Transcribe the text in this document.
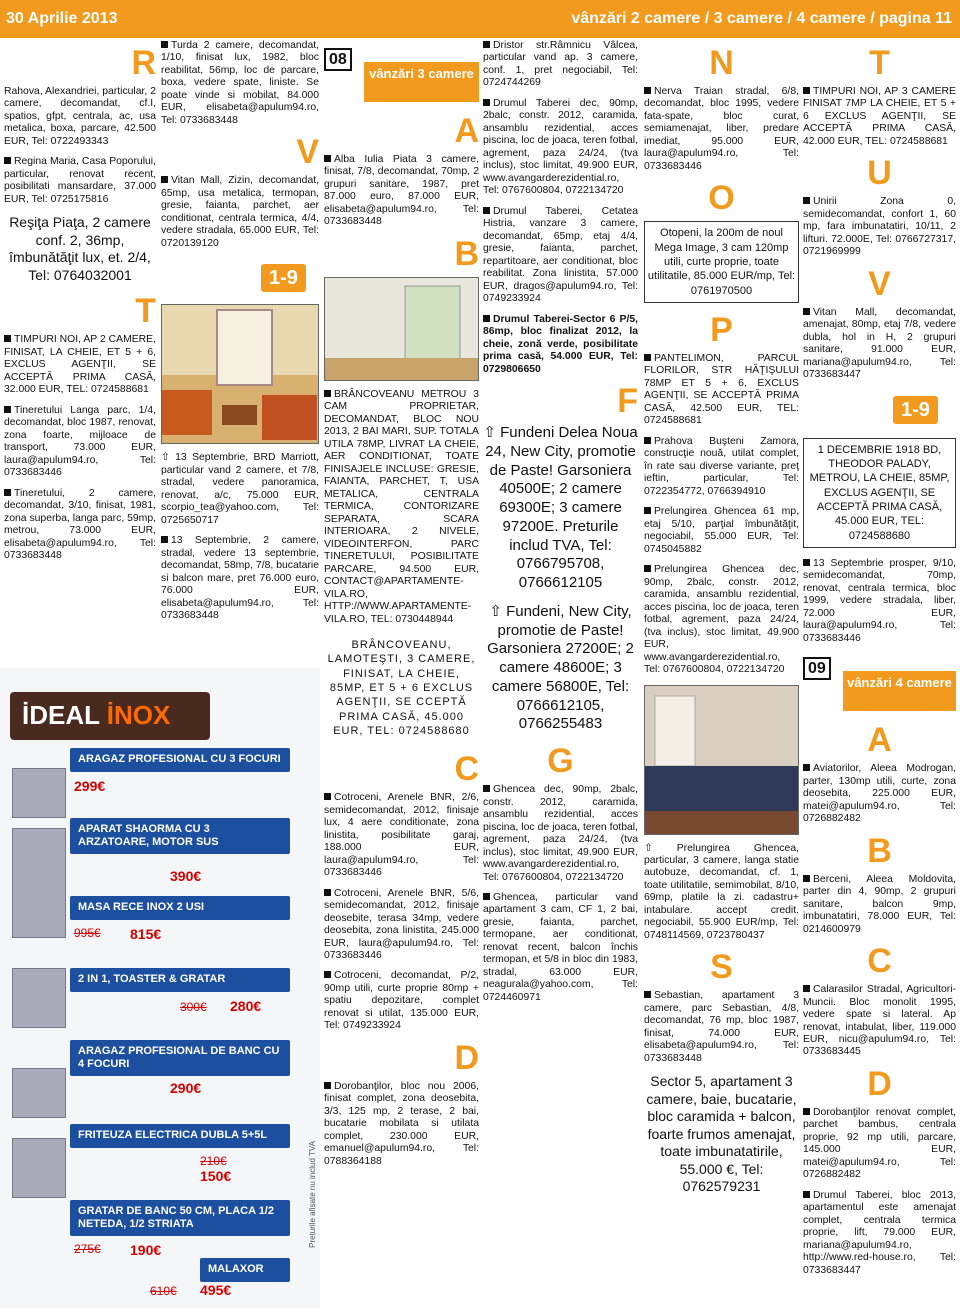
30 Aprilie 2013	vânzări 2 camere / 3 camere / 4 camere / pagina 11
R
Rahova, Alexandriei, particular, 2 camere, decomandat, cf.I, spatios, gfpt, centrala, ac, usa metalica, boxa, parcare, 42.500 EUR, Tel: 0722493343
Regina Maria, Casa Poporului, particular, renovat recent, posibilitati mansardare, 37.000 EUR, Tel: 0725175816
Reşiţa Piaţa, 2 camere conf. 2, 36mp, îmbunătăţit lux, et. 2/4, Tel: 0764032001
T
TIMPURI NOI, AP 2 CAMERE, FINISAT, LA CHEIE, ET 5 + 6, EXCLUS AGENŢII, SE ACCEPTĂ PRIMA CASĂ, 32.000 EUR, TEL: 0724588681
Tineretului Langa parc, 1/4, decomandat, bloc 1987, renovat, zona foarte, mijloace de transport, 73.000 EUR, laura@apulum94.ro, Tel: 0733683446
Tineretului, 2 camere, decomandat, 3/10, finisat, 1981, zona superba, langa parc, 59mp, metrou, 73.000 EUR, elisabeta@apulum94.ro, Tel: 0733683448
Turda 2 camere, decomandat, 1/10, finisat lux, 1982, bloc reabilitat, 56mp, loc de parcare, boxa, vedere spate, liniste. Se poate vinde si mobilat, 84.000 EUR, elisabeta@apulum94.ro, Tel: 0733683448
V
Vitan Mall, Zizin, decomandat, 65mp, usa metalica, termopan, gresie, faianta, parchet, aer conditionat, centrala termica, 4/4, vedere stradala, 65.000 EUR, Tel: 0720139120
1-9
⇧ 13 Septembrie, BRD Marriott, particular vand 2 camere, et 7/8, stradal, vedere panoramica, renovat, a/c, 75.000 EUR, scorpio_tea@yahoo.com, Tel: 0725650717
13 Septembrie, 2 camere, stradal, vedere 13 septembrie, decomandat, 58mp, 7/8, bucatarie si balcon mare, pret 76.000 euro, 76.000 EUR, elisabeta@apulum94.ro, Tel: 0733683448
İDEAL İNOX
ARAGAZ PROFESIONAL CU 3 FOCURI
299€
APARAT SHAORMA CU 3 ARZATOARE, MOTOR SUS
390€
MASA RECE INOX 2 USI
995€ 815€
2 IN 1, TOASTER & GRATAR
300€ 280€
ARAGAZ PROFESIONAL DE BANC CU 4 FOCURI
290€
FRITEUZA ELECTRICA DUBLA 5+5L
210€
150€
GRATAR DE BANC 50 CM, PLACA 1/2 NETEDA, 1/2 STRIATA
275€ 190€
MALAXOR
610€ 495€
Preturile afisate nu includ TVA
08
vânzări 3 camere
A
Alba Iulia Piata 3 camere, finisat, 7/8, decomandat, 70mp, 2 grupuri sanitare, 1987, pret 87.000 euro, 87.000 EUR, elisabeta@apulum94.ro, Tel: 0733683448
B
BRÂNCOVEANU METROU 3 CAM PROPRIETAR, DECOMANDAT, BLOC NOU 2013, 2 BAI MARI, SUP. TOTALA UTILA 78MP, LIVRAT LA CHEIE, AER CONDITIONAT, TOATE FINISAJELE INCLUSE: GRESIE, FAIANTA, PARCHET, T, USA METALICA, CENTRALA TERMICA, CONTORIZARE SEPARATA, SCARA INTERIOARA, 2 NIVELE, VIDEOINTERFON, PARC TINERETULUI, POSIBILITATE PARCARE, 94.500 EUR, CONTACT@APARTAMENTE-VILA.RO, HTTP://WWW.APARTAMENTE-VILA.RO, TEL: 0730448944
BRÂNCOVEANU, LAMOTEŞTI, 3 CAMERE, FINISAT, LA CHEIE, 85MP, ET 5 + 6 EXCLUS AGENŢII, SE CCEPTĂ PRIMA CASĂ, 45.000 EUR, TEL: 0724588680
C
Cotroceni, Arenele BNR, 2/6, semidecomandat, 2012, finisaje lux, 4 aere conditionate, zona linistita, posibilitate garaj, 188.000 EUR, laura@apulum94.ro, Tel: 0733683446
Cotroceni, Arenele BNR, 5/6, semidecomandat, 2012, finisaje deosebite, terasa 34mp, vedere deosebita, zona linistita, 245.000 EUR, laura@apulum94.ro, Tel: 0733683446
Cotroceni, decomandat, P/2, 90mp utili, curte proprie 80mp + spatiu depozitare, complet renovat si utilat, 135.000 EUR, Tel: 0749233924
D
Dorobanţilor, bloc nou 2006, finisat complet, zona deosebita, 3/3, 125 mp, 2 terase, 2 bai, bucatarie mobilata si utilata complet, 230.000 EUR, emanuel@apulum94.ro, Tel: 0788364188
Dristor str.Râmnicu Vâlcea, particular vand ap. 3 camere, conf. 1, pret negociabil, Tel: 0724744269
Drumul Taberei dec, 90mp, 2balc, constr. 2012, caramida, ansamblu rezidential, acces piscina, loc de joaca, teren fotbal, agrement, paza 24/24, (tva inclus), stoc limitat, 49.900 EUR, www.avangarderezidential.ro, Tel: 0767600804, 0722134720
Drumul Taberei, Cetatea Histria, vanzare 3 camere, decomandat, 65mp, etaj 4/4, gresie, faianta, parchet, repartitoare, aer conditionat, bloc reabilitat. Zona linistita, 57.000 EUR, dragos@apulum94.ro, Tel: 0749233924
Drumul Taberei-Sector 6 P/5, 86mp, bloc finalizat 2012, la cheie, zonă verde, posibilitate prima casă, 54.000 EUR, Tel: 0729806650
F
⇧ Fundeni Delea Noua 24, New City, promotie de Paste! Garsoniera 40500E; 2 camere 69300E; 3 camere 97200E. Preturile includ TVA, Tel: 0766795708, 0766612105
⇧ Fundeni, New City, promotie de Paste! Garsoniera 27200E; 2 camere 48600E; 3 camere 56800E, Tel: 0766612105, 0766255483
G
Ghencea dec, 90mp, 2balc, constr. 2012, caramida, ansamblu rezidential, acces piscina, loc de joaca, teren fotbal, agrement, paza 24/24, (tva inclus), stoc limitat, 49.900 EUR, www.avangarderezidential.ro, Tel: 0767600804, 0722134720
Ghencea, particular vand apartament 3 cam, CF 1, 2 bai, gresie, faianta, parchet, termopane, aer conditionat, renovat recent, balcon închis termopan, et 5/8 in bloc din 1983, stradal, 63.000 EUR, neagurala@yahoo.com, Tel: 0724460971
N
Nerva Traian stradal, 6/8, decomandat, bloc 1995, vedere fata-spate, bloc curat, semiamenajat, liber, predare imediat, 95.000 EUR, laura@apulum94.ro, Tel: 0733683446
O
Otopeni, la 200m de noul Mega Image, 3 cam 120mp utili, curte proprie, toate utilitatile, 85.000 EUR/mp, Tel: 0761970500
P
PANTELIMON, PARCUL FLORILOR, STR HĂŢIŞULUI 78MP ET 5 + 6, EXCLUS AGENŢII, SE ACCEPTĂ PRIMA CASĂ, 42.500 EUR, TEL: 0724588681
Prahova Buşteni Zamora, construcţie nouă, utilat complet, în rate sau diverse variante, preţ ieftin, particular, Tel: 0722354772, 0766394910
Prelungirea Ghencea 61 mp, etaj 5/10, parţial îmbunătăţit, negociabil, 55.000 EUR, Tel: 0745045882
Prelungirea Ghencea dec, 90mp, 2balc, constr. 2012, caramida, ansamblu rezidential, acces piscina, loc de joaca, teren fotbal, agrement, paza 24/24, (tva inclus), stoc limitat, 49.900 EUR, www.avangarderezidential.ro, Tel: 0767600804, 0722134720
⇧ Prelungirea Ghencea, particular, 3 camere, langa statie autobuze, decomandat, cf. 1, toate utilitatile, semimobilat, 8/10, 69mp, platile la zi. cadastru+ intabulare. accept credit. negociabil, 55.900 EUR/mp, Tel: 0748114569, 0723780437
S
Sebastian, apartament 3 camere, parc Sebastian, 4/8, decomandat, 76 mp, bloc 1987, finisat, 74.000 EUR, elisabeta@apulum94.ro, Tel: 0733683448
Sector 5, apartament 3 camere, baie, bucatarie, bloc caramida + balcon, foarte frumos amenajat, toate imbunatatirile, 55.000 €, Tel: 0762579231
T
TIMPURI NOI, AP 3 CAMERE FINISAT 7MP LA CHEIE, ET 5 + 6 EXCLUS AGENŢII, SE ACCEPTĂ PRIMA CASĂ, 42.000 EUR, TEL: 0724588681
U
Unirii Zona 0, semidecomandat, confort 1, 60 mp, fara imbunatatiri, 10/11, 2 lifturi. 72.000E, Tel: 0766727317, 0721969999
V
Vitan Mall, decomandat, amenajat, 80mp, etaj 7/8, vedere dubla, hol in H, 2 grupuri sanitare, 91.000 EUR, mariana@apulum94.ro, Tel: 0733683447
1-9
1 DECEMBRIE 1918 BD, THEODOR PALADY, METROU, LA CHEIE, 85MP, EXCLUS AGENŢII, SE ACCEPTĂ PRIMA CASĂ, 45.000 EUR, TEL: 0724588680
13 Septembrie prosper, 9/10, semidecomandat, 70mp, renovat, centrala termica, bloc 1999, vedere stradala, liber, 72.000 EUR, laura@apulum94.ro, Tel: 0733683446
09
vânzări 4 camere
A
Aviatorilor, Aleea Modrogan, parter, 130mp utili, curte, zona deosebita, 225.000 EUR, matei@apulum94.ro, Tel: 0726882482
B
Berceni, Aleea Moldovita, parter din 4, 90mp, 2 grupuri sanitare, balcon 9mp, imbunatatiri, 78.000 EUR, Tel: 0214600979
C
Calarasilor Stradal, Agricultori-Muncii. Bloc monolit 1995, vedere spate si lateral. Ap renovat, intabulat, liber, 119.000 EUR, nicu@apulum94.ro, Tel: 0733683445
D
Dorobanţilor renovat complet, parchet bambus, centrala proprie, 92 mp utili, parcare, 145.000 EUR, matei@apulum94.ro, Tel: 0726882482
Drumul Taberei, bloc 2013, apartamentul este amenajat complet, centrala termica proprie, lift, 79.000 EUR, mariana@apulum94.ro, http://www.red-house.ro, Tel: 0733683447
